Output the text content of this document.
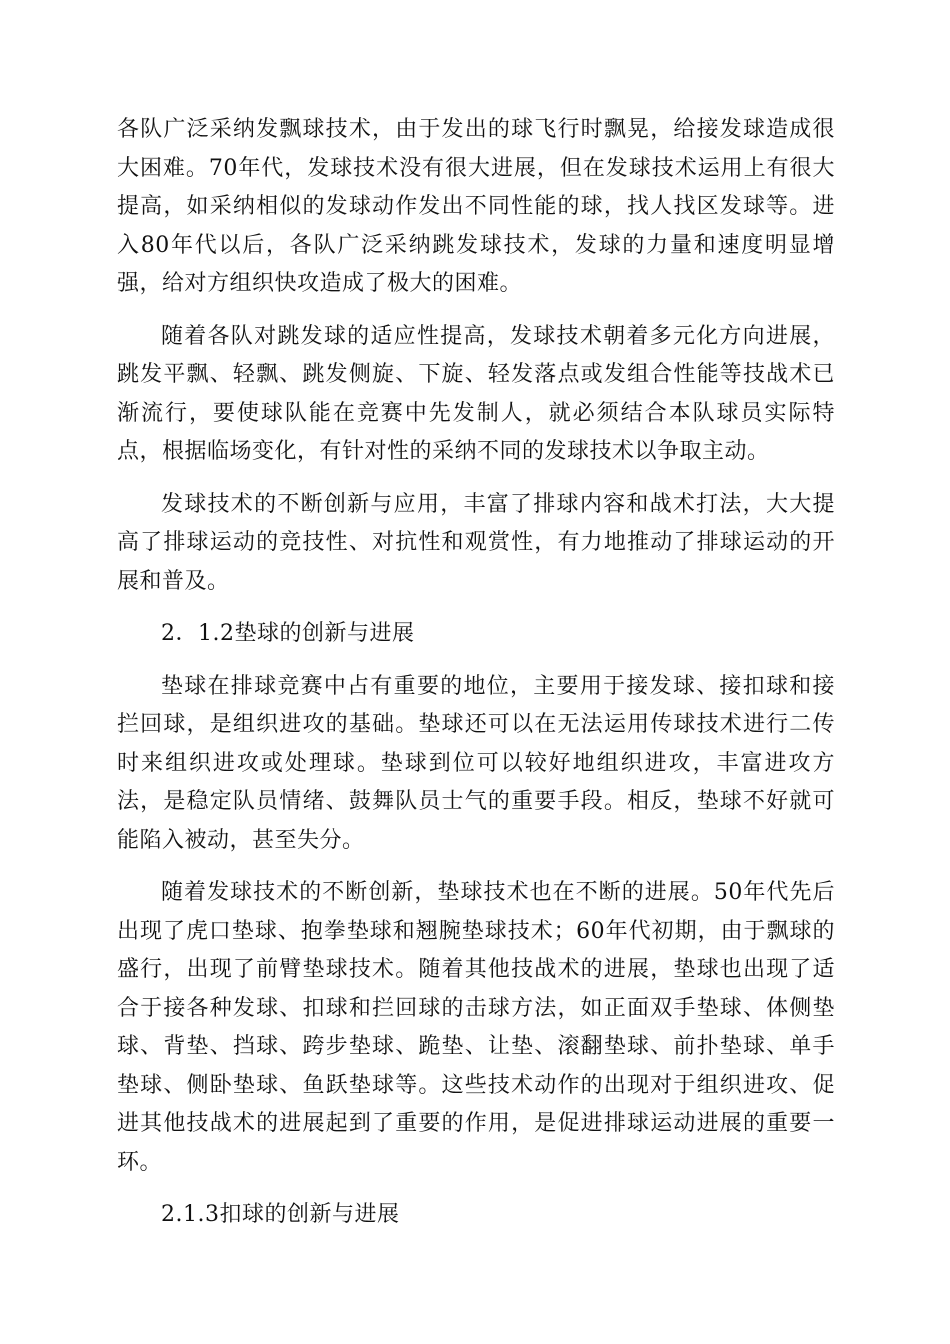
各队广泛采纳发飘球技术，由于发出的球飞行时飘晃，给接发球造成很大困难。70年代，发球技术没有很大进展，但在发球技术运用上有很大提高，如采纳相似的发球动作发出不同性能的球，找人找区发球等。进入80年代以后，各队广泛采纳跳发球技术，发球的力量和速度明显增强，给对方组织快攻造成了极大的困难。

随着各队对跳发球的适应性提高，发球技术朝着多元化方向进展，跳发平飘、轻飘、跳发侧旋、下旋、轻发落点或发组合性能等技战术已渐流行，要使球队能在竞赛中先发制人，就必须结合本队球员实际特点，根据临场变化，有针对性的采纳不同的发球技术以争取主动。

发球技术的不断创新与应用，丰富了排球内容和战术打法，大大提高了排球运动的竞技性、对抗性和观赏性，有力地推动了排球运动的开展和普及。

2．1.2垫球的创新与进展

垫球在排球竞赛中占有重要的地位，主要用于接发球、接扣球和接拦回球，是组织进攻的基础。垫球还可以在无法运用传球技术进行二传时来组织进攻或处理球。垫球到位可以较好地组织进攻，丰富进攻方法，是稳定队员情绪、鼓舞队员士气的重要手段。相反，垫球不好就可能陷入被动，甚至失分。

随着发球技术的不断创新，垫球技术也在不断的进展。50年代先后出现了虎口垫球、抱拳垫球和翘腕垫球技术；60年代初期，由于飘球的盛行，出现了前臂垫球技术。随着其他技战术的进展，垫球也出现了适合于接各种发球、扣球和拦回球的击球方法，如正面双手垫球、体侧垫球、背垫、挡球、跨步垫球、跪垫、让垫、滚翻垫球、前扑垫球、单手垫球、侧卧垫球、鱼跃垫球等。这些技术动作的出现对于组织进攻、促进其他技战术的进展起到了重要的作用，是促进排球运动进展的重要一环。

2.1.3扣球的创新与进展
